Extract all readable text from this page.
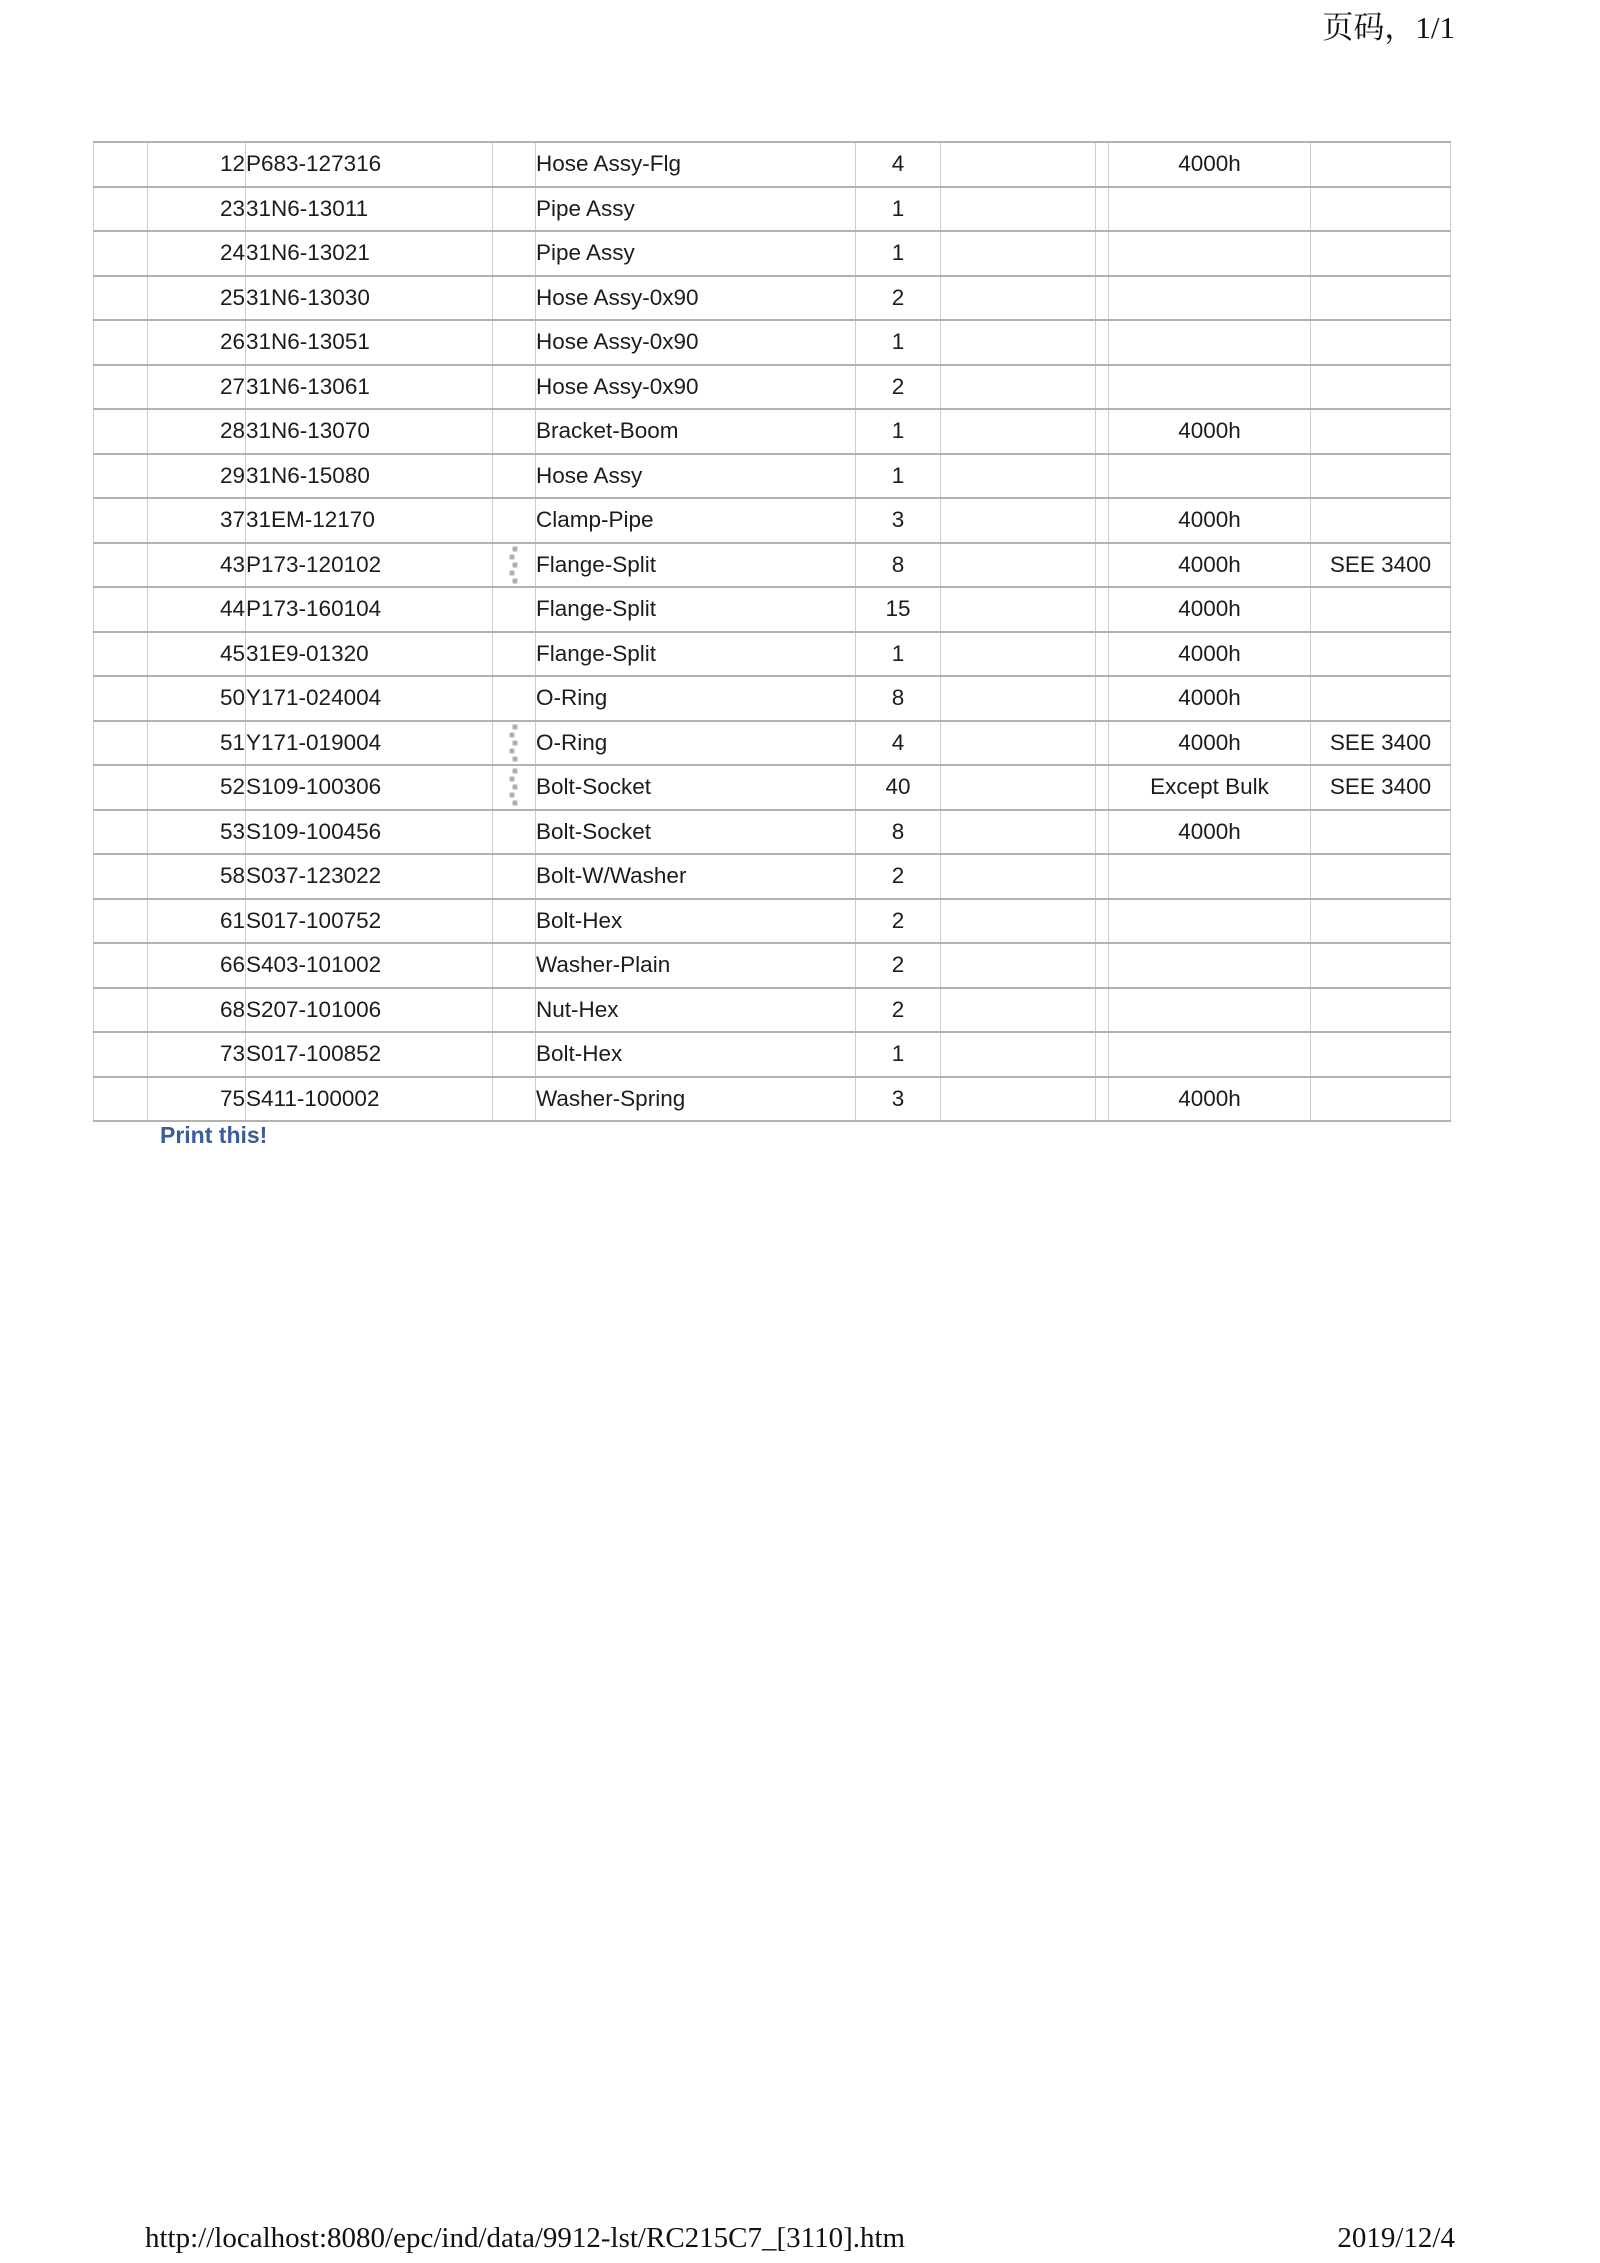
页码，1/1
	12	P683-127316		Hose Assy-Flg	4			4000h	
	23	31N6-13011		Pipe Assy	1				
	24	31N6-13021		Pipe Assy	1				
	25	31N6-13030		Hose Assy-0x90	2				
	26	31N6-13051		Hose Assy-0x90	1				
	27	31N6-13061		Hose Assy-0x90	2				
	28	31N6-13070		Bracket-Boom	1			4000h	
	29	31N6-15080		Hose Assy	1				
	37	31EM-12170		Clamp-Pipe	3			4000h	
	43	P173-120102		Flange-Split	8			4000h	SEE 3400
	44	P173-160104		Flange-Split	15			4000h	
	45	31E9-01320		Flange-Split	1			4000h	
	50	Y171-024004		O-Ring	8			4000h	
	51	Y171-019004		O-Ring	4			4000h	SEE 3400
	52	S109-100306		Bolt-Socket	40			Except Bulk	SEE 3400
	53	S109-100456		Bolt-Socket	8			4000h	
	58	S037-123022		Bolt-W/Washer	2				
	61	S017-100752		Bolt-Hex	2				
	66	S403-101002		Washer-Plain	2				
	68	S207-101006		Nut-Hex	2				
	73	S017-100852		Bolt-Hex	1				
	75	S411-100002		Washer-Spring	3			4000h	
Print this!
http://localhost:8080/epc/ind/data/9912-lst/RC215C7_[3110].htm	2019/12/4
